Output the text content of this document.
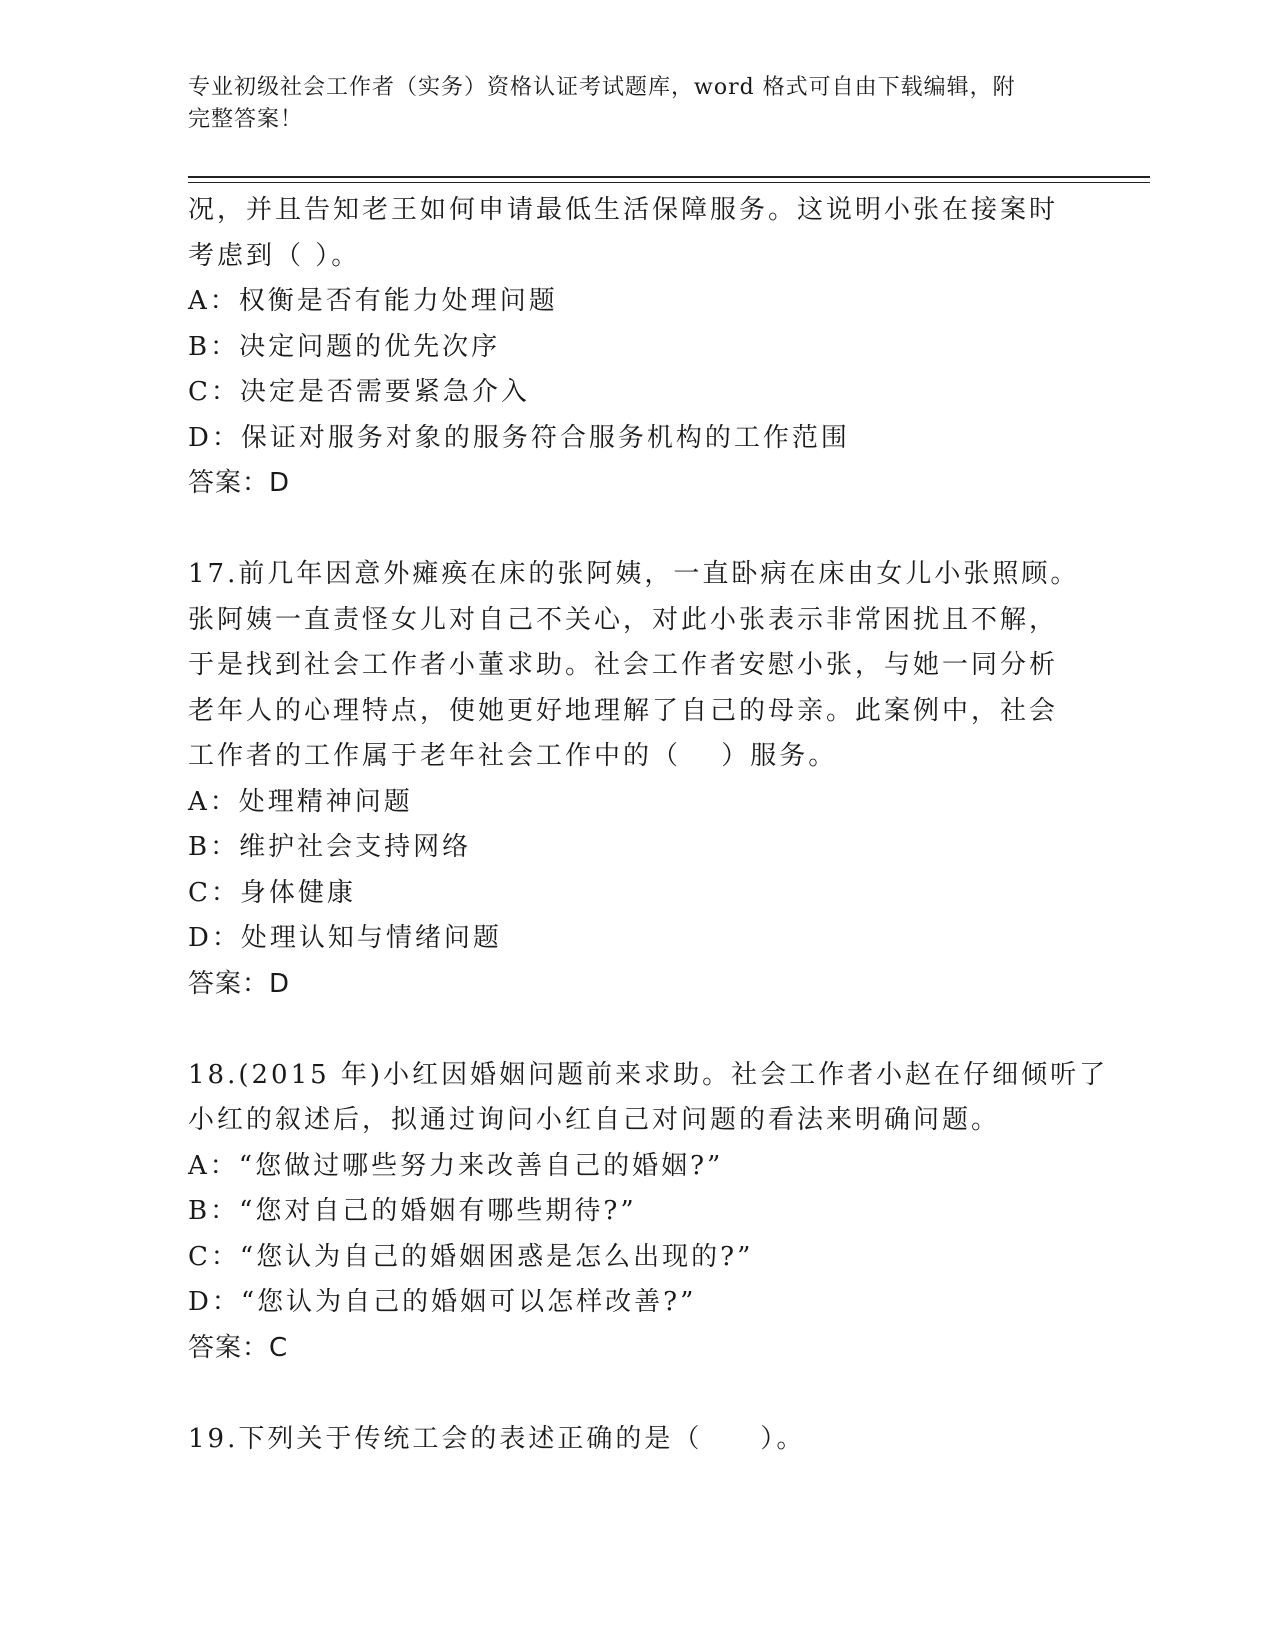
专业初级社会工作者（实务）资格认证考试题库，word 格式可自由下载编辑，附
完整答案！
况，并且告知老王如何申请最低生活保障服务。这说明小张在接案时
考虑到（ ）。
A：权衡是否有能力处理问题
B：决定问题的优先次序
C：决定是否需要紧急介入
D：保证对服务对象的服务符合服务机构的工作范围
答案：D
17.前几年因意外瘫痪在床的张阿姨，一直卧病在床由女儿小张照顾。
张阿姨一直责怪女儿对自己不关心，对此小张表示非常困扰且不解，
于是找到社会工作者小董求助。社会工作者安慰小张，与她一同分析
老年人的心理特点，使她更好地理解了自己的母亲。此案例中，社会
工作者的工作属于老年社会工作中的（　 ）服务。
A：处理精神问题
B：维护社会支持网络
C：身体健康
D：处理认知与情绪问题
答案：D
18.(2015 年)小红因婚姻问题前来求助。社会工作者小赵在仔细倾听了
小红的叙述后，拟通过询问小红自己对问题的看法来明确问题。
A：“您做过哪些努力来改善自己的婚姻?”
B：“您对自己的婚姻有哪些期待?”
C：“您认为自己的婚姻困惑是怎么出现的?”
D：“您认为自己的婚姻可以怎样改善?”
答案：C
19.下列关于传统工会的表述正确的是（　　）。
